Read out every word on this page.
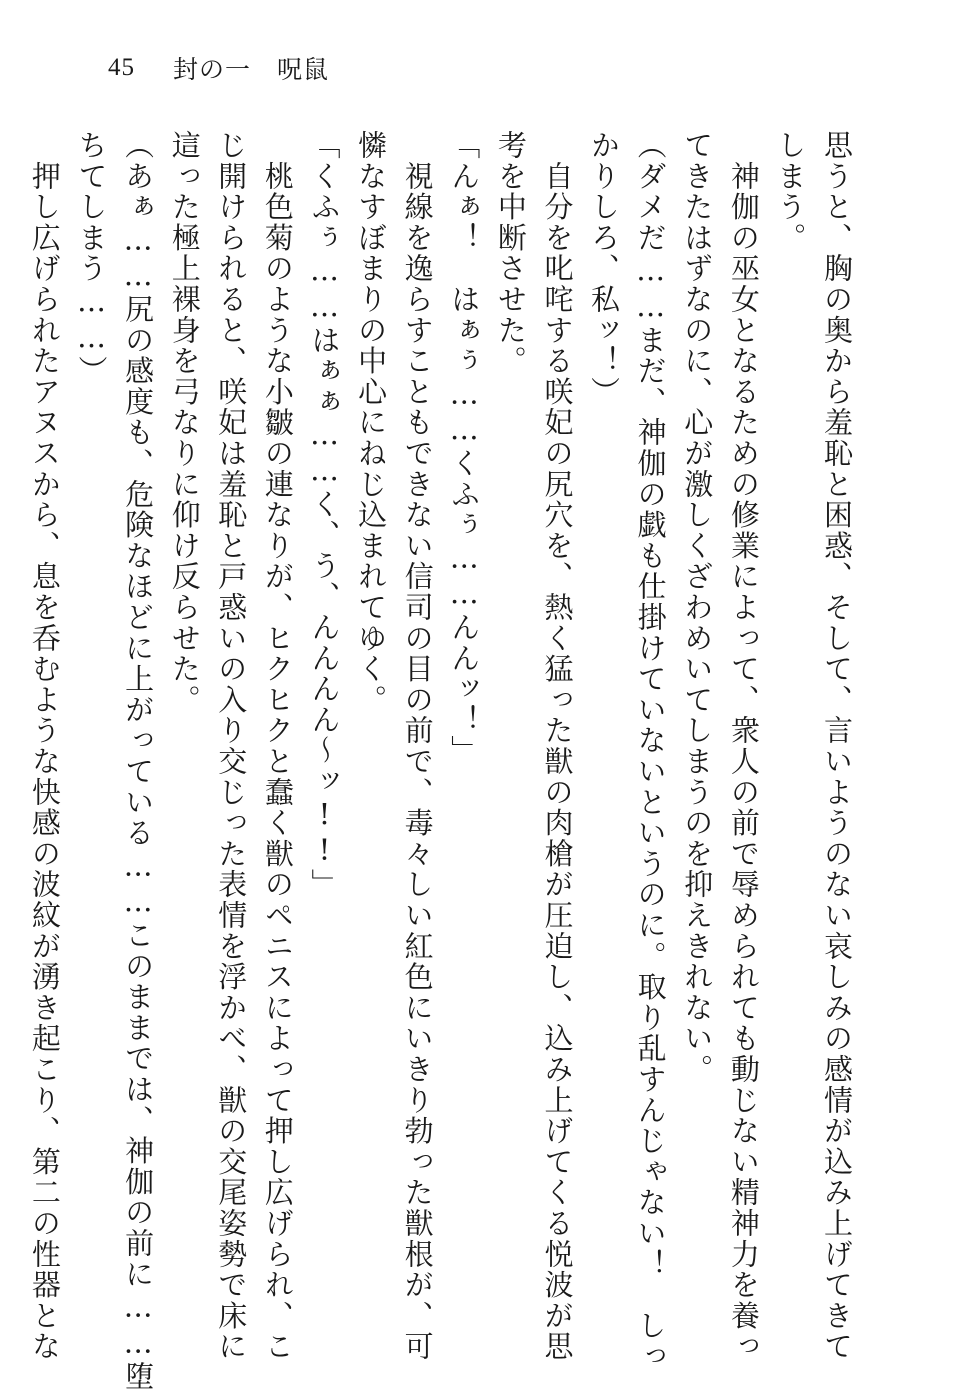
45 封の一　呪鼠
思うと、胸の奥から羞恥と困惑、そして、言いようのない哀しみの感情が込み上げてきて
しまう。
　神伽の巫女となるための修業によって、衆人の前で辱められても動じない精神力を養っ
てきたはずなのに、心が激しくざわめいてしまうのを抑えきれない。
（ダメだ……まだ、神伽の戯も仕掛けていないというのに。取り乱すんじゃない！　しっ
かりしろ、私ッ！）
　自分を叱咤する咲妃の尻穴を、熱く猛った獣の肉槍が圧迫し、込み上げてくる悦波が思
考を中断させた。
「んぁ！　はぁぅ……くふぅ……んんッ！」
　視線を逸らすこともできない信司の目の前で、毒々しい紅色にいきり勃った獣根が、可
憐なすぼまりの中心にねじ込まれてゆく。
「くふぅ……はぁぁ……く、う、んんんん〜ッ!!」
　桃色菊のような小皺の連なりが、ヒクヒクと蠢く獣のペニスによって押し広げられ、こ
じ開けられると、咲妃は羞恥と戸惑いの入り交じった表情を浮かべ、獣の交尾姿勢で床に
這った極上裸身を弓なりに仰け反らせた。
（あぁ……尻の感度も、危険なほどに上がっている……このままでは、神伽の前に……堕
ちてしまう……）
　押し広げられたアヌスから、息を呑むような快感の波紋が湧き起こり、第二の性器とな
